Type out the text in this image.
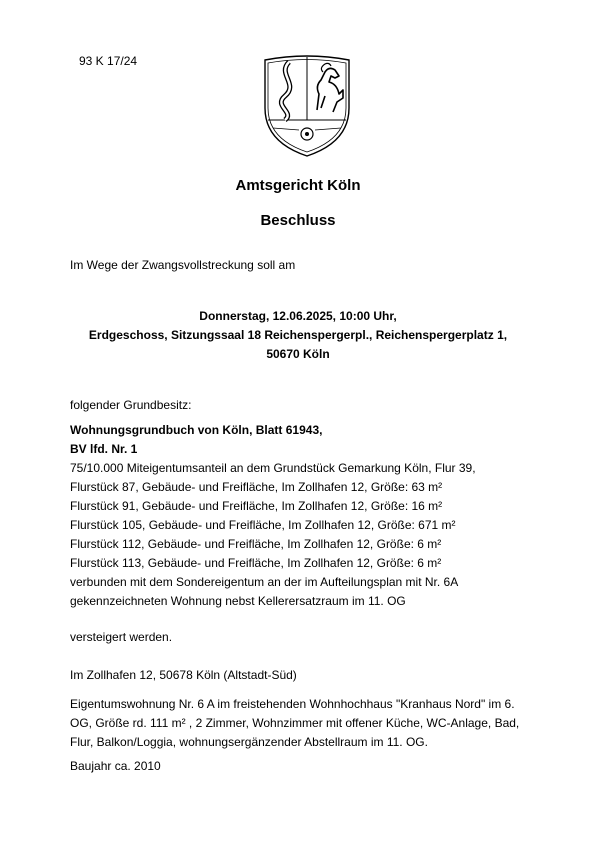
93 K 17/24
Amtsgericht Köln
Beschluss
Im Wege der Zwangsvollstreckung soll am
Donnerstag, 12.06.2025, 10:00 Uhr,
Erdgeschoss, Sitzungssaal 18 Reichenspergerpl., Reichenspergerplatz 1,
50670 Köln
folgender Grundbesitz:
Wohnungsgrundbuch von Köln, Blatt 61943,
BV lfd. Nr. 1
75/10.000 Miteigentumsanteil an dem Grundstück Gemarkung Köln, Flur 39,
Flurstück 87, Gebäude- und Freifläche, Im Zollhafen 12, Größe: 63 m²
Flurstück 91, Gebäude- und Freifläche, Im Zollhafen 12, Größe: 16 m²
Flurstück 105, Gebäude- und Freifläche, Im Zollhafen 12, Größe: 671 m²
Flurstück 112, Gebäude- und Freifläche, Im Zollhafen 12, Größe: 6 m²
Flurstück 113, Gebäude- und Freifläche, Im Zollhafen 12, Größe: 6 m²
verbunden mit dem Sondereigentum an der im Aufteilungsplan mit Nr. 6A
gekennzeichneten Wohnung nebst Kellerersatzraum im 11. OG
versteigert werden.
Im Zollhafen 12, 50678 Köln (Altstadt-Süd)
Eigentumswohnung Nr. 6 A im freistehenden Wohnhochhaus "Kranhaus Nord" im 6.
OG, Größe rd. 111 m² , 2 Zimmer, Wohnzimmer mit offener Küche, WC-Anlage, Bad,
Flur, Balkon/Loggia, wohnungsergänzender Abstellraum im 11. OG.
Baujahr ca. 2010
